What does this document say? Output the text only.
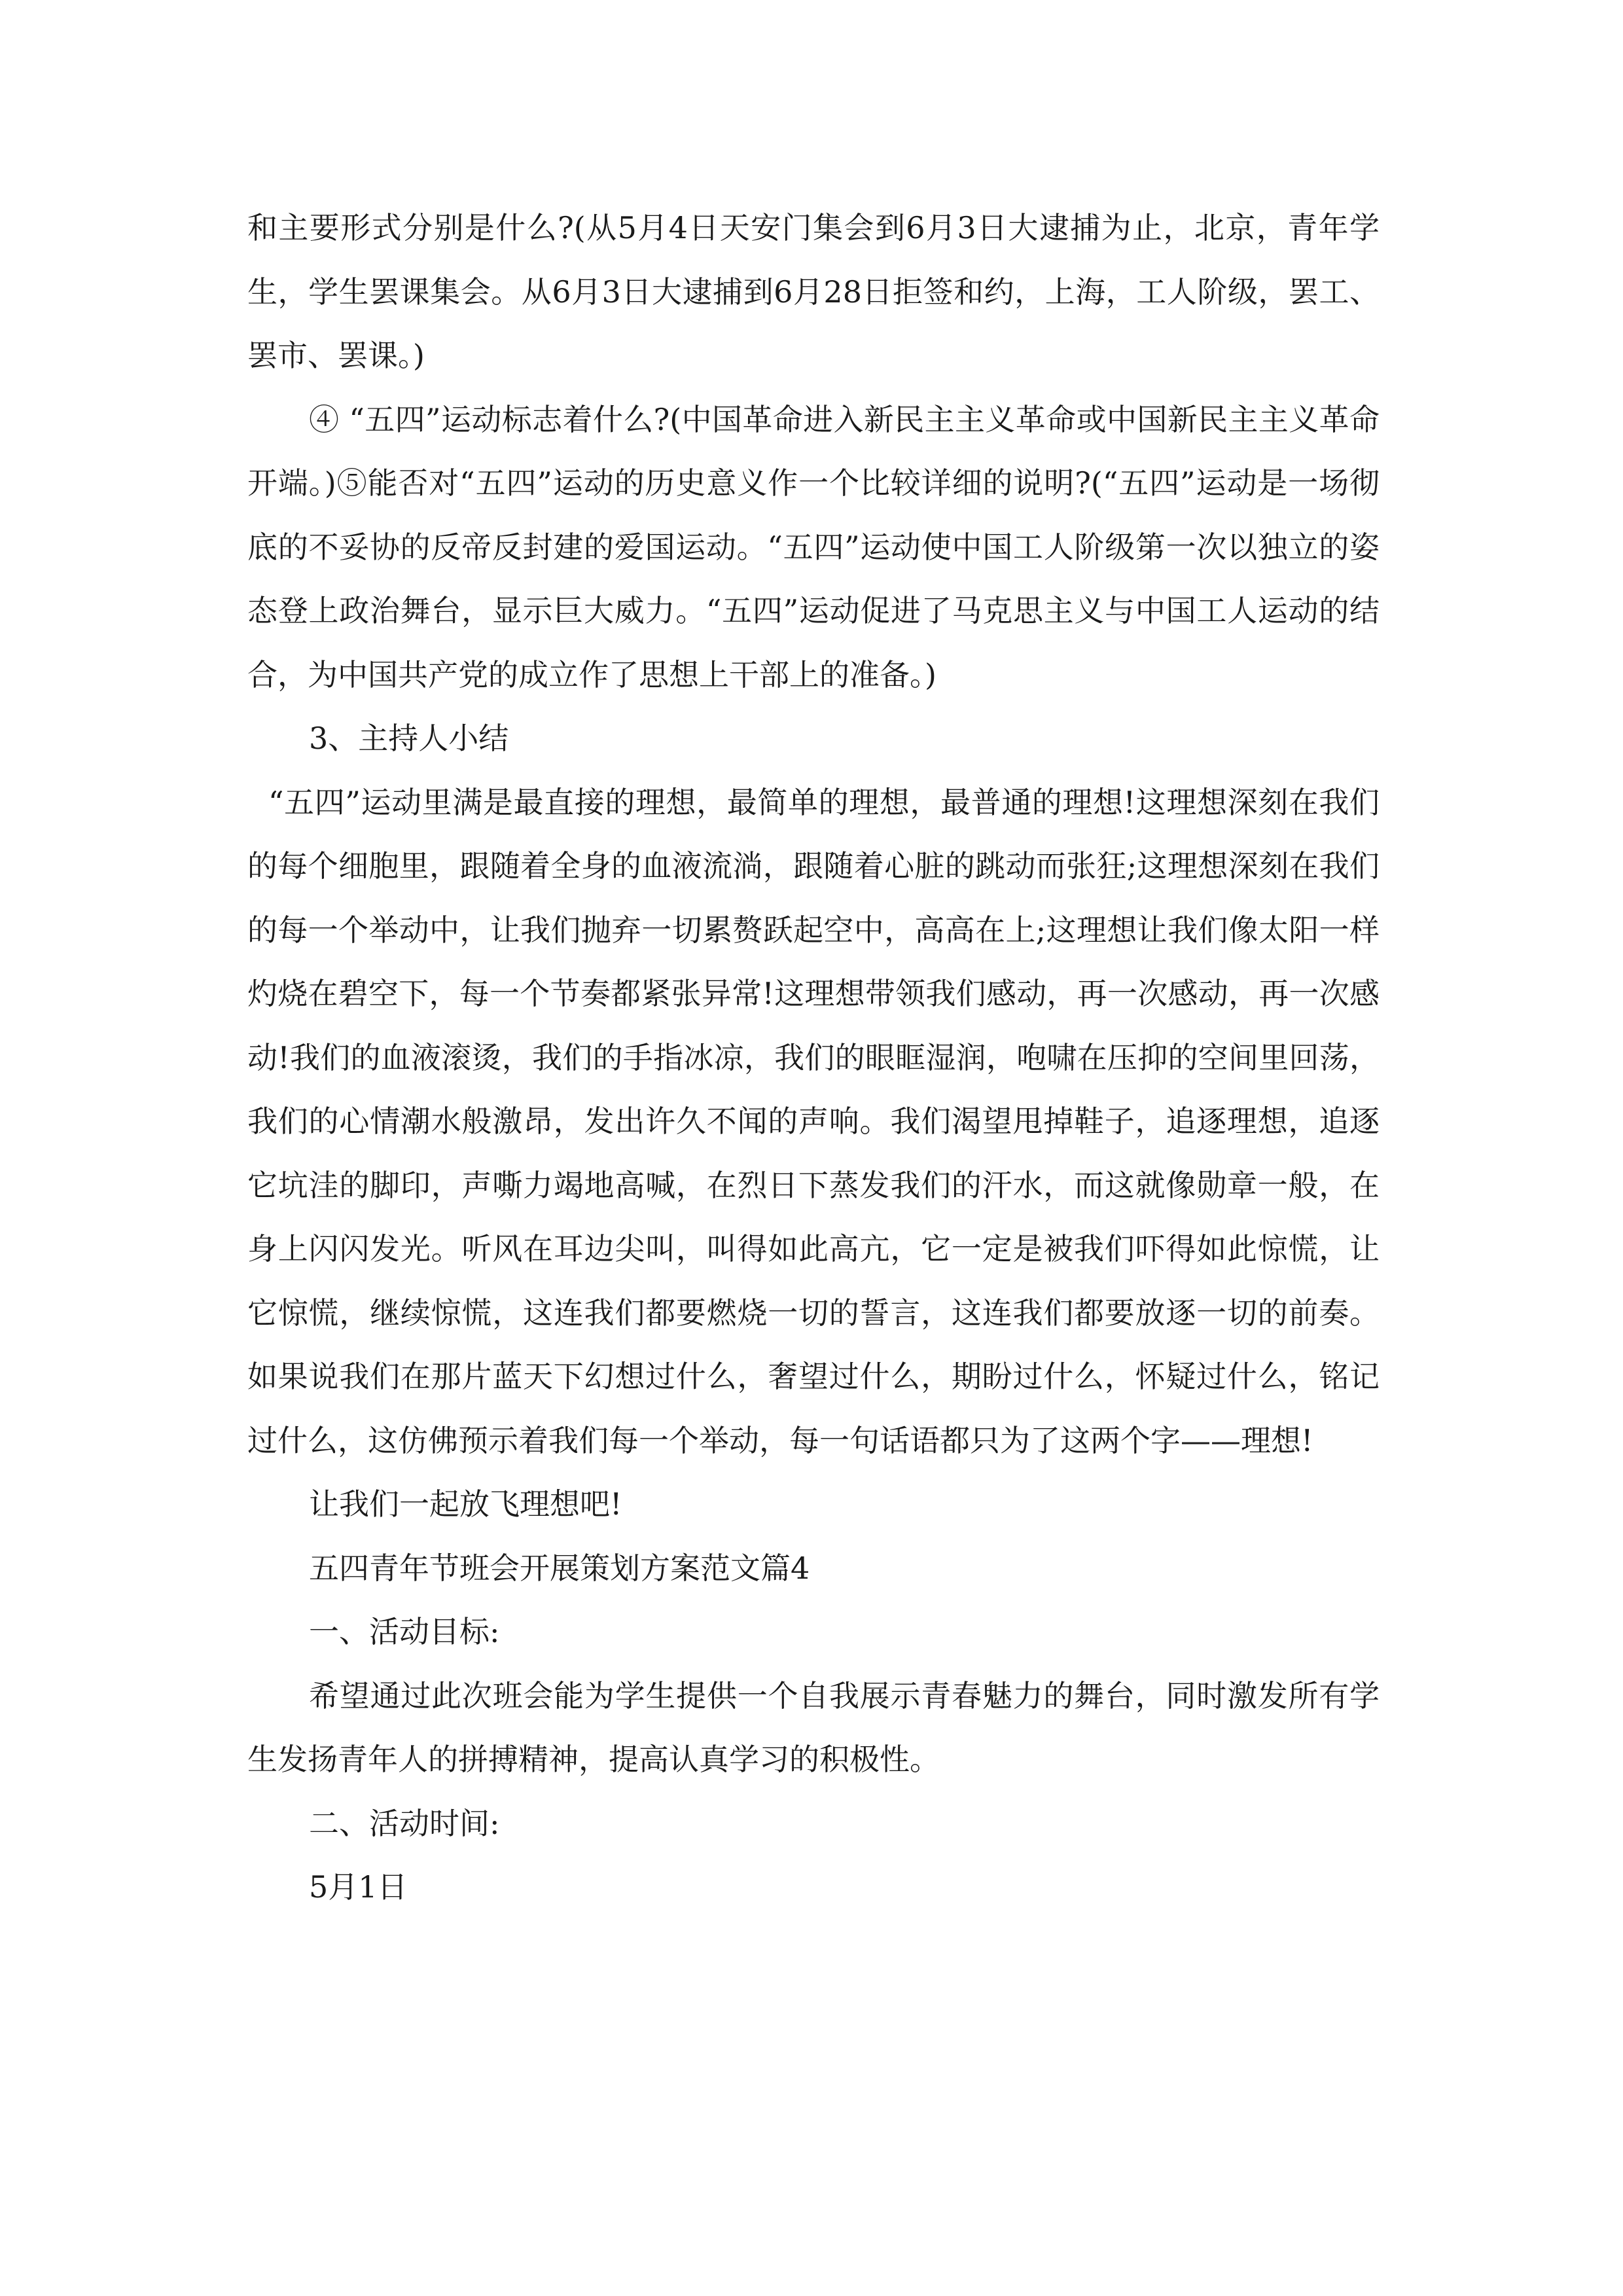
和主要形式分别是什么?(从5月4日天安门集会到6月3日大逮捕为止，北京，青年学生，学生罢课集会。从6月3日大逮捕到6月28日拒签和约，上海，工人阶级，罢工、罢市、罢课。)

④ “五四”运动标志着什么?(中国革命进入新民主主义革命或中国新民主主义革命开端。)⑤能否对“五四”运动的历史意义作一个比较详细的说明?(“五四”运动是一场彻底的不妥协的反帝反封建的爱国运动。“五四”运动使中国工人阶级第一次以独立的姿态登上政治舞台，显示巨大威力。“五四”运动促进了马克思主义与中国工人运动的结合，为中国共产党的成立作了思想上干部上的准备。)

3、主持人小结

“五四”运动里满是最直接的理想，最简单的理想，最普通的理想!这理想深刻在我们的每个细胞里，跟随着全身的血液流淌，跟随着心脏的跳动而张狂;这理想深刻在我们的每一个举动中，让我们抛弃一切累赘跃起空中，高高在上;这理想让我们像太阳一样灼烧在碧空下，每一个节奏都紧张异常!这理想带领我们感动，再一次感动，再一次感动!我们的血液滚烫，我们的手指冰凉，我们的眼眶湿润，咆啸在压抑的空间里回荡，我们的心情潮水般激昂，发出许久不闻的声响。我们渴望甩掉鞋子，追逐理想，追逐它坑洼的脚印，声嘶力竭地高喊，在烈日下蒸发我们的汗水，而这就像勋章一般，在身上闪闪发光。听风在耳边尖叫，叫得如此高亢，它一定是被我们吓得如此惊慌，让它惊慌，继续惊慌，这连我们都要燃烧一切的誓言，这连我们都要放逐一切的前奏。如果说我们在那片蓝天下幻想过什么，奢望过什么，期盼过什么，怀疑过什么，铭记过什么，这仿佛预示着我们每一个举动，每一句话语都只为了这两个字——理想!

让我们一起放飞理想吧!

五四青年节班会开展策划方案范文篇4

一、活动目标:

希望通过此次班会能为学生提供一个自我展示青春魅力的舞台，同时激发所有学生发扬青年人的拼搏精神，提高认真学习的积极性。

二、活动时间:

5月1日
